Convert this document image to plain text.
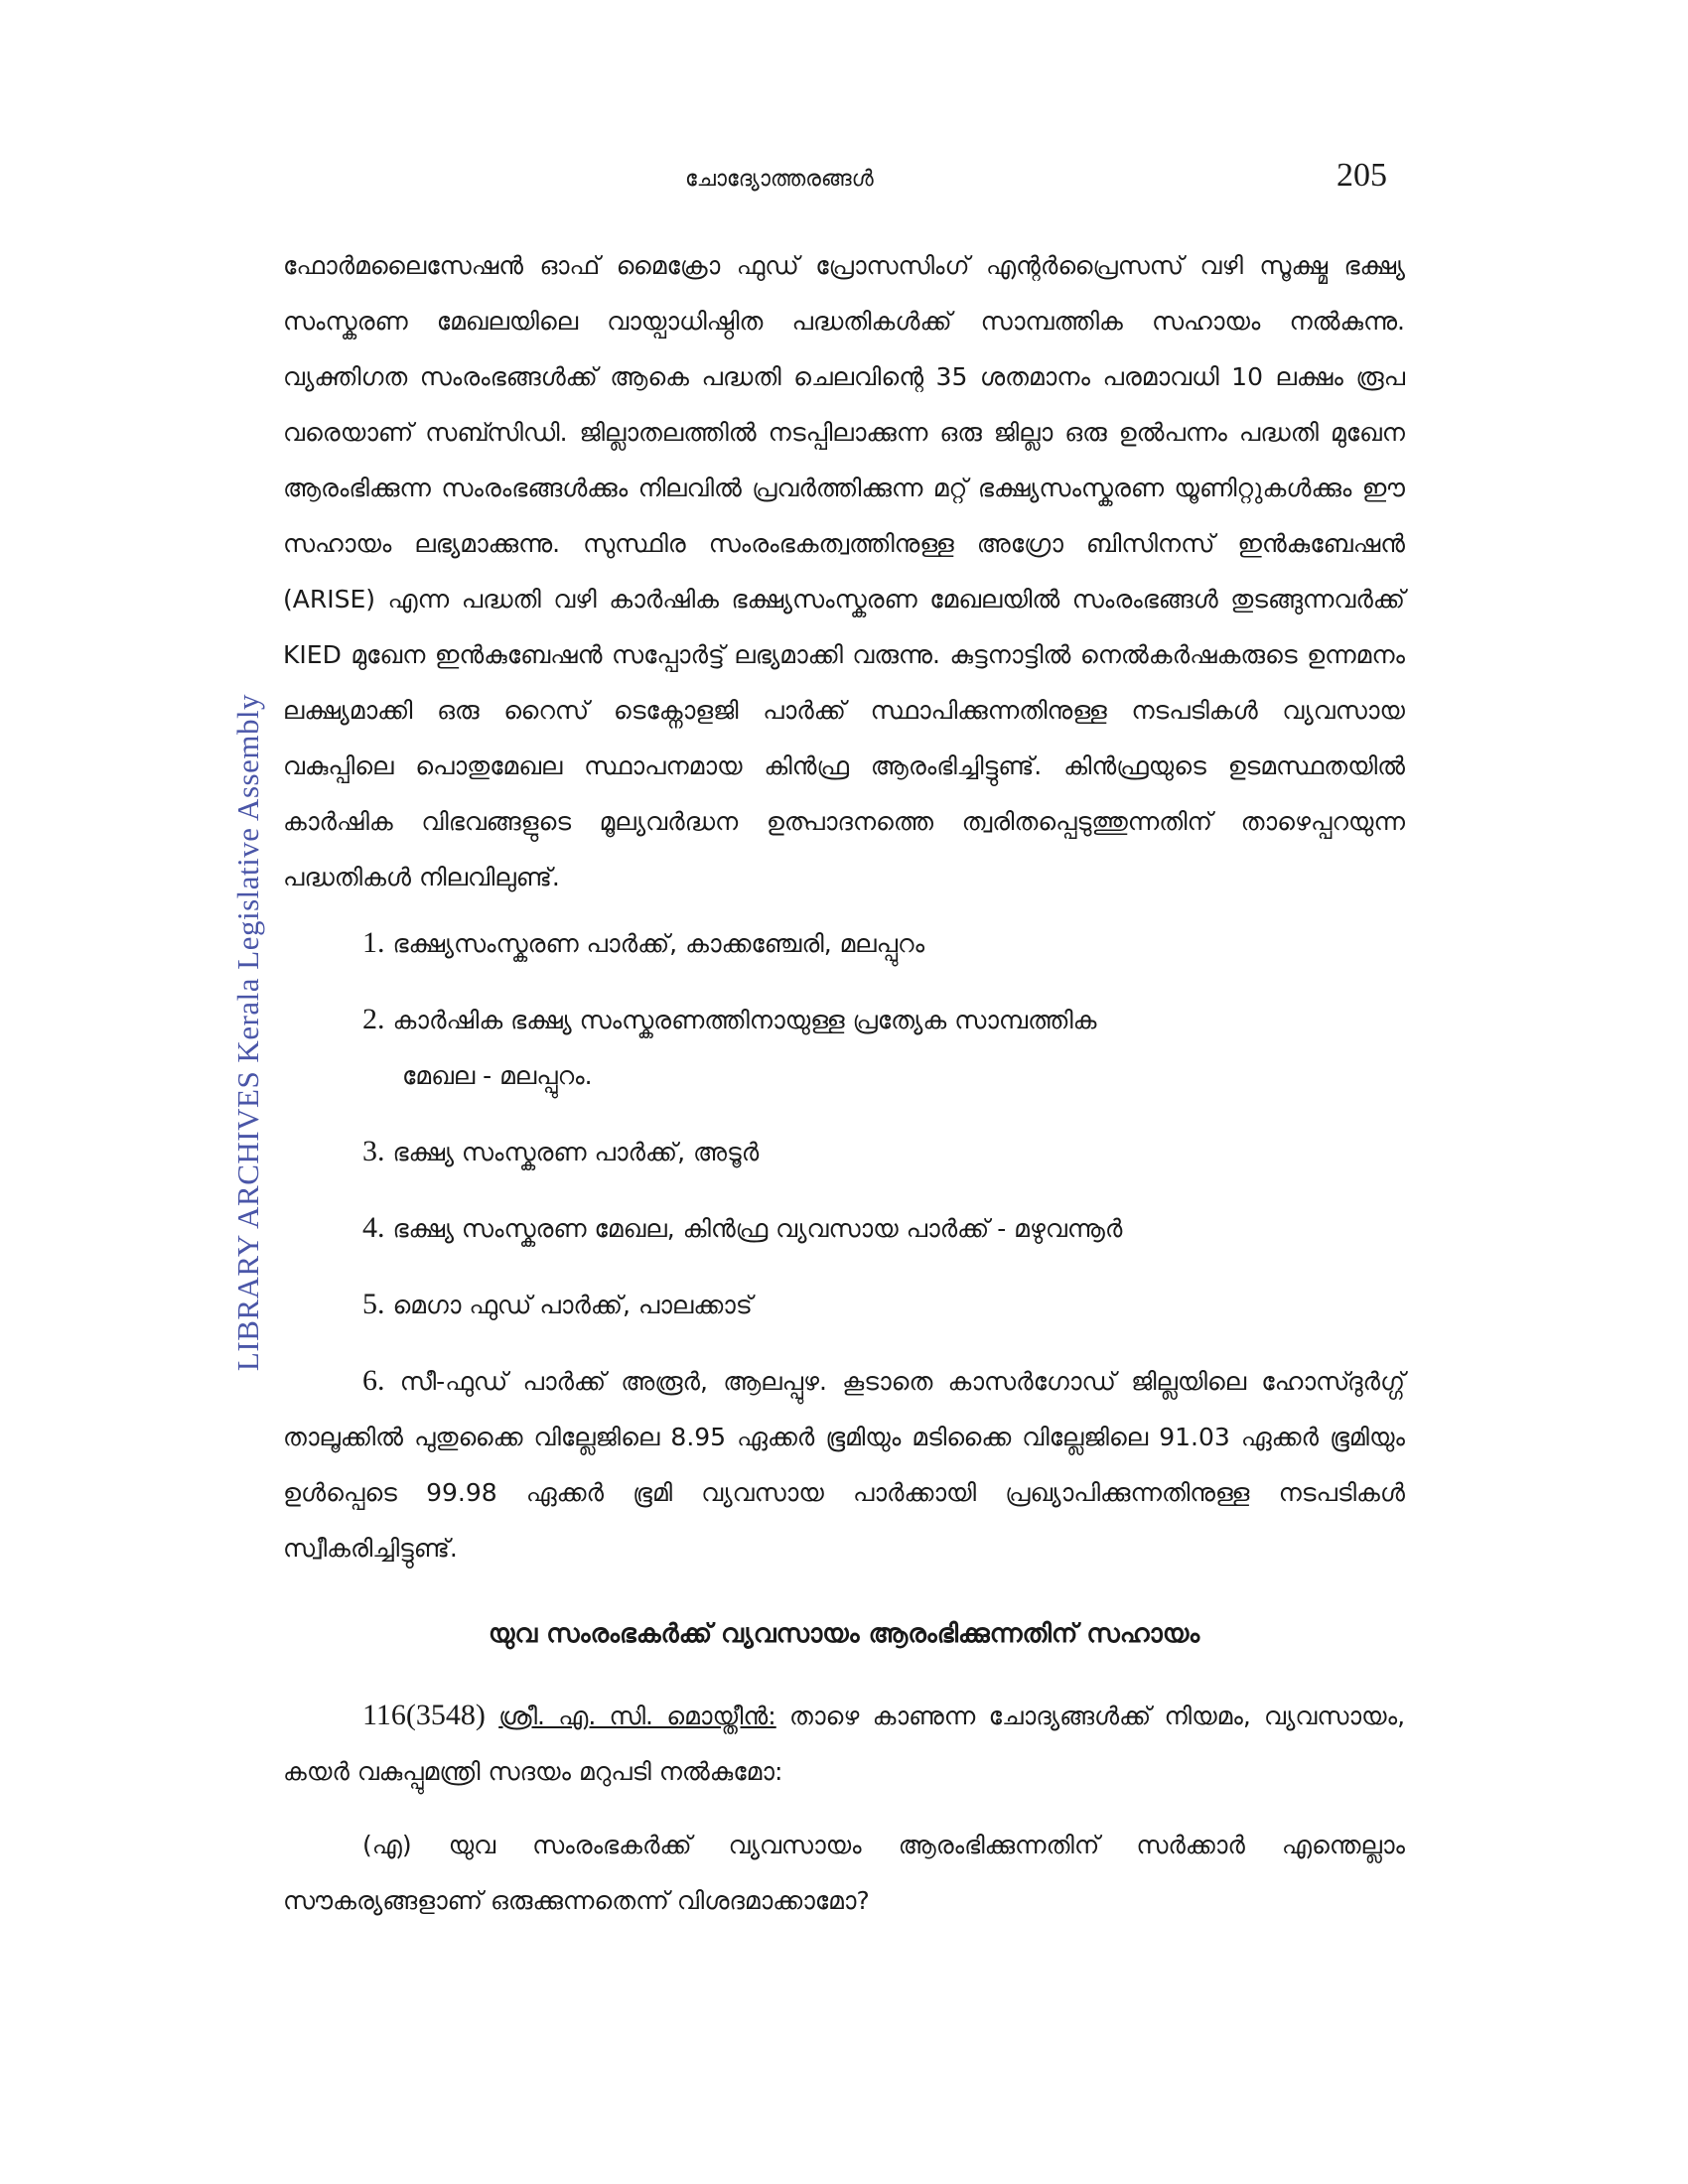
ചോദ്യോത്തരങ്ങൾ	205
LIBRARY ARCHIVES Kerala Legislative Assembly

ഫോർമലൈസേഷൻ ഓഫ് മൈക്രോ ഫുഡ് പ്രോസസിംഗ് എന്റർപ്രൈസസ് വഴി സൂക്ഷ്മ ഭക്ഷ്യ സംസ്കരണ മേഖലയിലെ വായ്പാധിഷ്ഠിത പദ്ധതികൾക്ക് സാമ്പത്തിക സഹായം നൽകുന്നു. വ്യക്തിഗത സംരംഭങ്ങൾക്ക് ആകെ പദ്ധതി ചെലവിന്റെ 35 ശതമാനം പരമാവധി 10 ലക്ഷം രൂപ വരെയാണ് സബ്സിഡി. ജില്ലാതലത്തിൽ നടപ്പിലാക്കുന്ന ഒരു ജില്ലാ ഒരു ഉൽപന്നം പദ്ധതി മുഖേന ആരംഭിക്കുന്ന സംരംഭങ്ങൾക്കും നിലവിൽ പ്രവർത്തിക്കുന്ന മറ്റ് ഭക്ഷ്യസംസ്കരണ യൂണിറ്റുകൾക്കും ഈ സഹായം ലഭ്യമാക്കുന്നു. സുസ്ഥിര സംരംഭകത്വത്തിനുള്ള അഗ്രോ ബിസിനസ് ഇൻകുബേഷൻ (ARISE) എന്ന പദ്ധതി വഴി കാർഷിക ഭക്ഷ്യസംസ്കരണ മേഖലയിൽ സംരംഭങ്ങൾ തുടങ്ങുന്നവർക്ക് KIED മുഖേന ഇൻകുബേഷൻ സപ്പോർട്ട് ലഭ്യമാക്കി വരുന്നു. കുട്ടനാട്ടിൽ നെൽകർഷകരുടെ ഉന്നമനം ലക്ഷ്യമാക്കി ഒരു റൈസ് ടെക്നോളജി പാർക്ക് സ്ഥാപിക്കുന്നതിനുള്ള നടപടികൾ വ്യവസായ വകുപ്പിലെ പൊതുമേഖല സ്ഥാപനമായ കിൻഫ്ര ആരംഭിച്ചിട്ടുണ്ട്. കിൻഫ്രയുടെ ഉടമസ്ഥതയിൽ കാർഷിക വിഭവങ്ങളുടെ മൂല്യവർദ്ധന ഉത്പാദനത്തെ ത്വരിതപ്പെടുത്തുന്നതിന് താഴെപ്പറയുന്ന പദ്ധതികൾ നിലവിലുണ്ട്.

1. ഭക്ഷ്യസംസ്കരണ പാർക്ക്, കാക്കഞ്ചേരി, മലപ്പുറം
2. കാർഷിക ഭക്ഷ്യ സംസ്കരണത്തിനായുള്ള പ്രത്യേക സാമ്പത്തിക
മേഖല - മലപ്പുറം.
3. ഭക്ഷ്യ സംസ്കരണ പാർക്ക്, അടൂർ
4. ഭക്ഷ്യ സംസ്കരണ മേഖല, കിൻഫ്ര വ്യവസായ പാർക്ക് - മഴുവന്നൂർ
5. മെഗാ ഫുഡ് പാർക്ക്, പാലക്കാട്

6. സീ-ഫുഡ് പാർക്ക് അരൂർ, ആലപ്പുഴ. കൂടാതെ കാസർഗോഡ് ജില്ലയിലെ ഹോസ്ദുർഗ്ഗ് താലൂക്കിൽ പുതുക്കൈ വില്ലേജിലെ 8.95 ഏക്കർ ഭൂമിയും മടിക്കൈ വില്ലേജിലെ 91.03 ഏക്കർ ഭൂമിയും ഉൾപ്പെടെ 99.98 ഏക്കർ ഭൂമി വ്യവസായ പാർക്കായി പ്രഖ്യാപിക്കുന്നതിനുള്ള നടപടികൾ സ്വീകരിച്ചിട്ടുണ്ട്.

യുവ സംരംഭകർക്ക് വ്യവസായം ആരംഭിക്കുന്നതിന് സഹായം

116(3548) ശ്രീ. എ. സി. മൊയ്തീൻ: താഴെ കാണുന്ന ചോദ്യങ്ങൾക്ക് നിയമം, വ്യവസായം, കയർ വകുപ്പുമന്ത്രി സദയം മറുപടി നൽകുമോ:

(എ) യുവ സംരംഭകർക്ക് വ്യവസായം ആരംഭിക്കുന്നതിന് സർക്കാർ എന്തെല്ലാം സൗകര്യങ്ങളാണ് ഒരുക്കുന്നതെന്ന് വിശദമാക്കാമോ?
